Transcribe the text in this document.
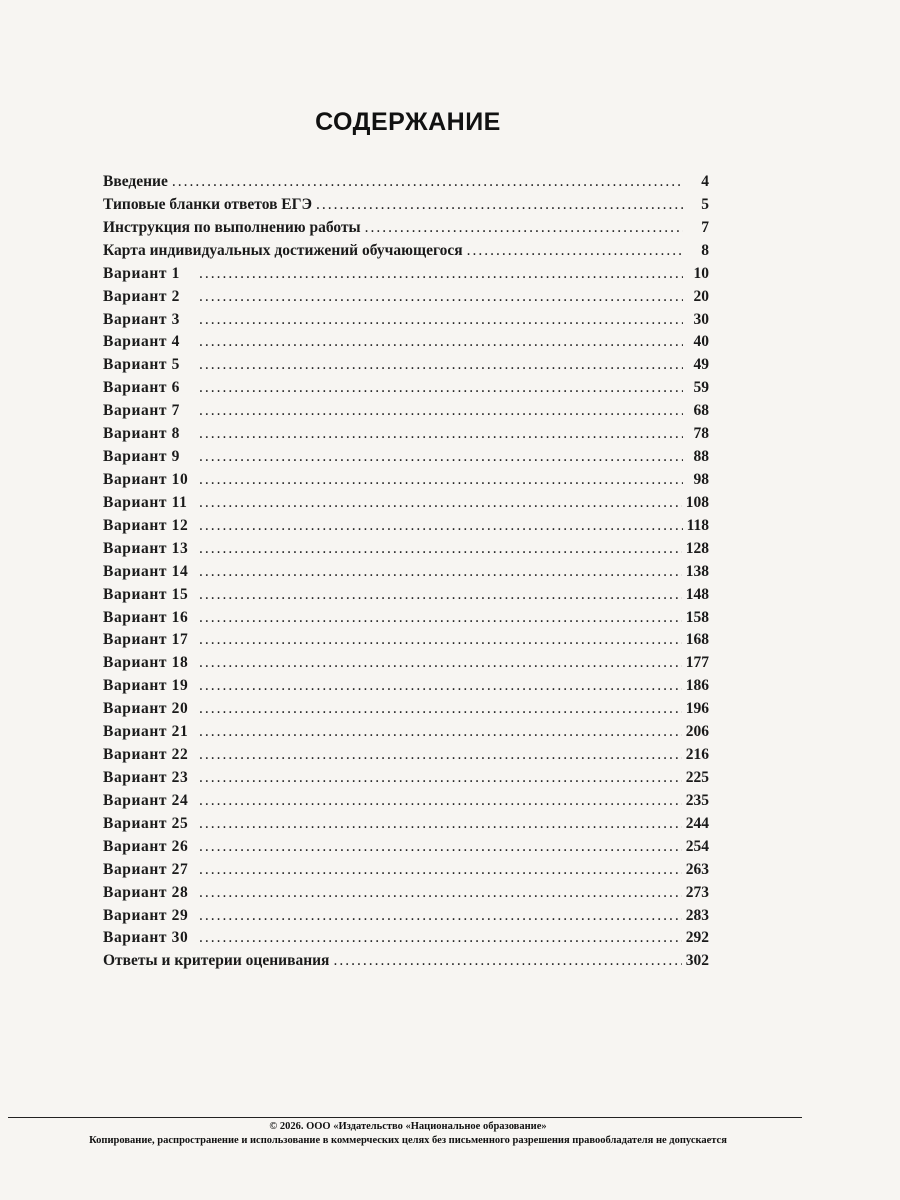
СОДЕРЖАНИЕ
Введение .....	4
Типовые бланки ответов ЕГЭ .....	5
Инструкция по выполнению работы .....	7
Карта индивидуальных достижений обучающегося .....	8
Вариант 1 .....	10
Вариант 2 .....	20
Вариант 3 .....	30
Вариант 4 .....	40
Вариант 5 .....	49
Вариант 6 .....	59
Вариант 7 .....	68
Вариант 8 .....	78
Вариант 9 .....	88
Вариант 10 .....	98
Вариант 11 .....	108
Вариант 12 .....	118
Вариант 13 .....	128
Вариант 14 .....	138
Вариант 15 .....	148
Вариант 16 .....	158
Вариант 17 .....	168
Вариант 18 .....	177
Вариант 19 .....	186
Вариант 20 .....	196
Вариант 21 .....	206
Вариант 22 .....	216
Вариант 23 .....	225
Вариант 24 .....	235
Вариант 25 .....	244
Вариант 26 .....	254
Вариант 27 .....	263
Вариант 28 .....	273
Вариант 29 .....	283
Вариант 30 .....	292
Ответы и критерии оценивания .....	302
© 2026. ООО «Издательство «Национальное образование»
Копирование, распространение и использование в коммерческих целях без письменного разрешения правообладателя не допускается
